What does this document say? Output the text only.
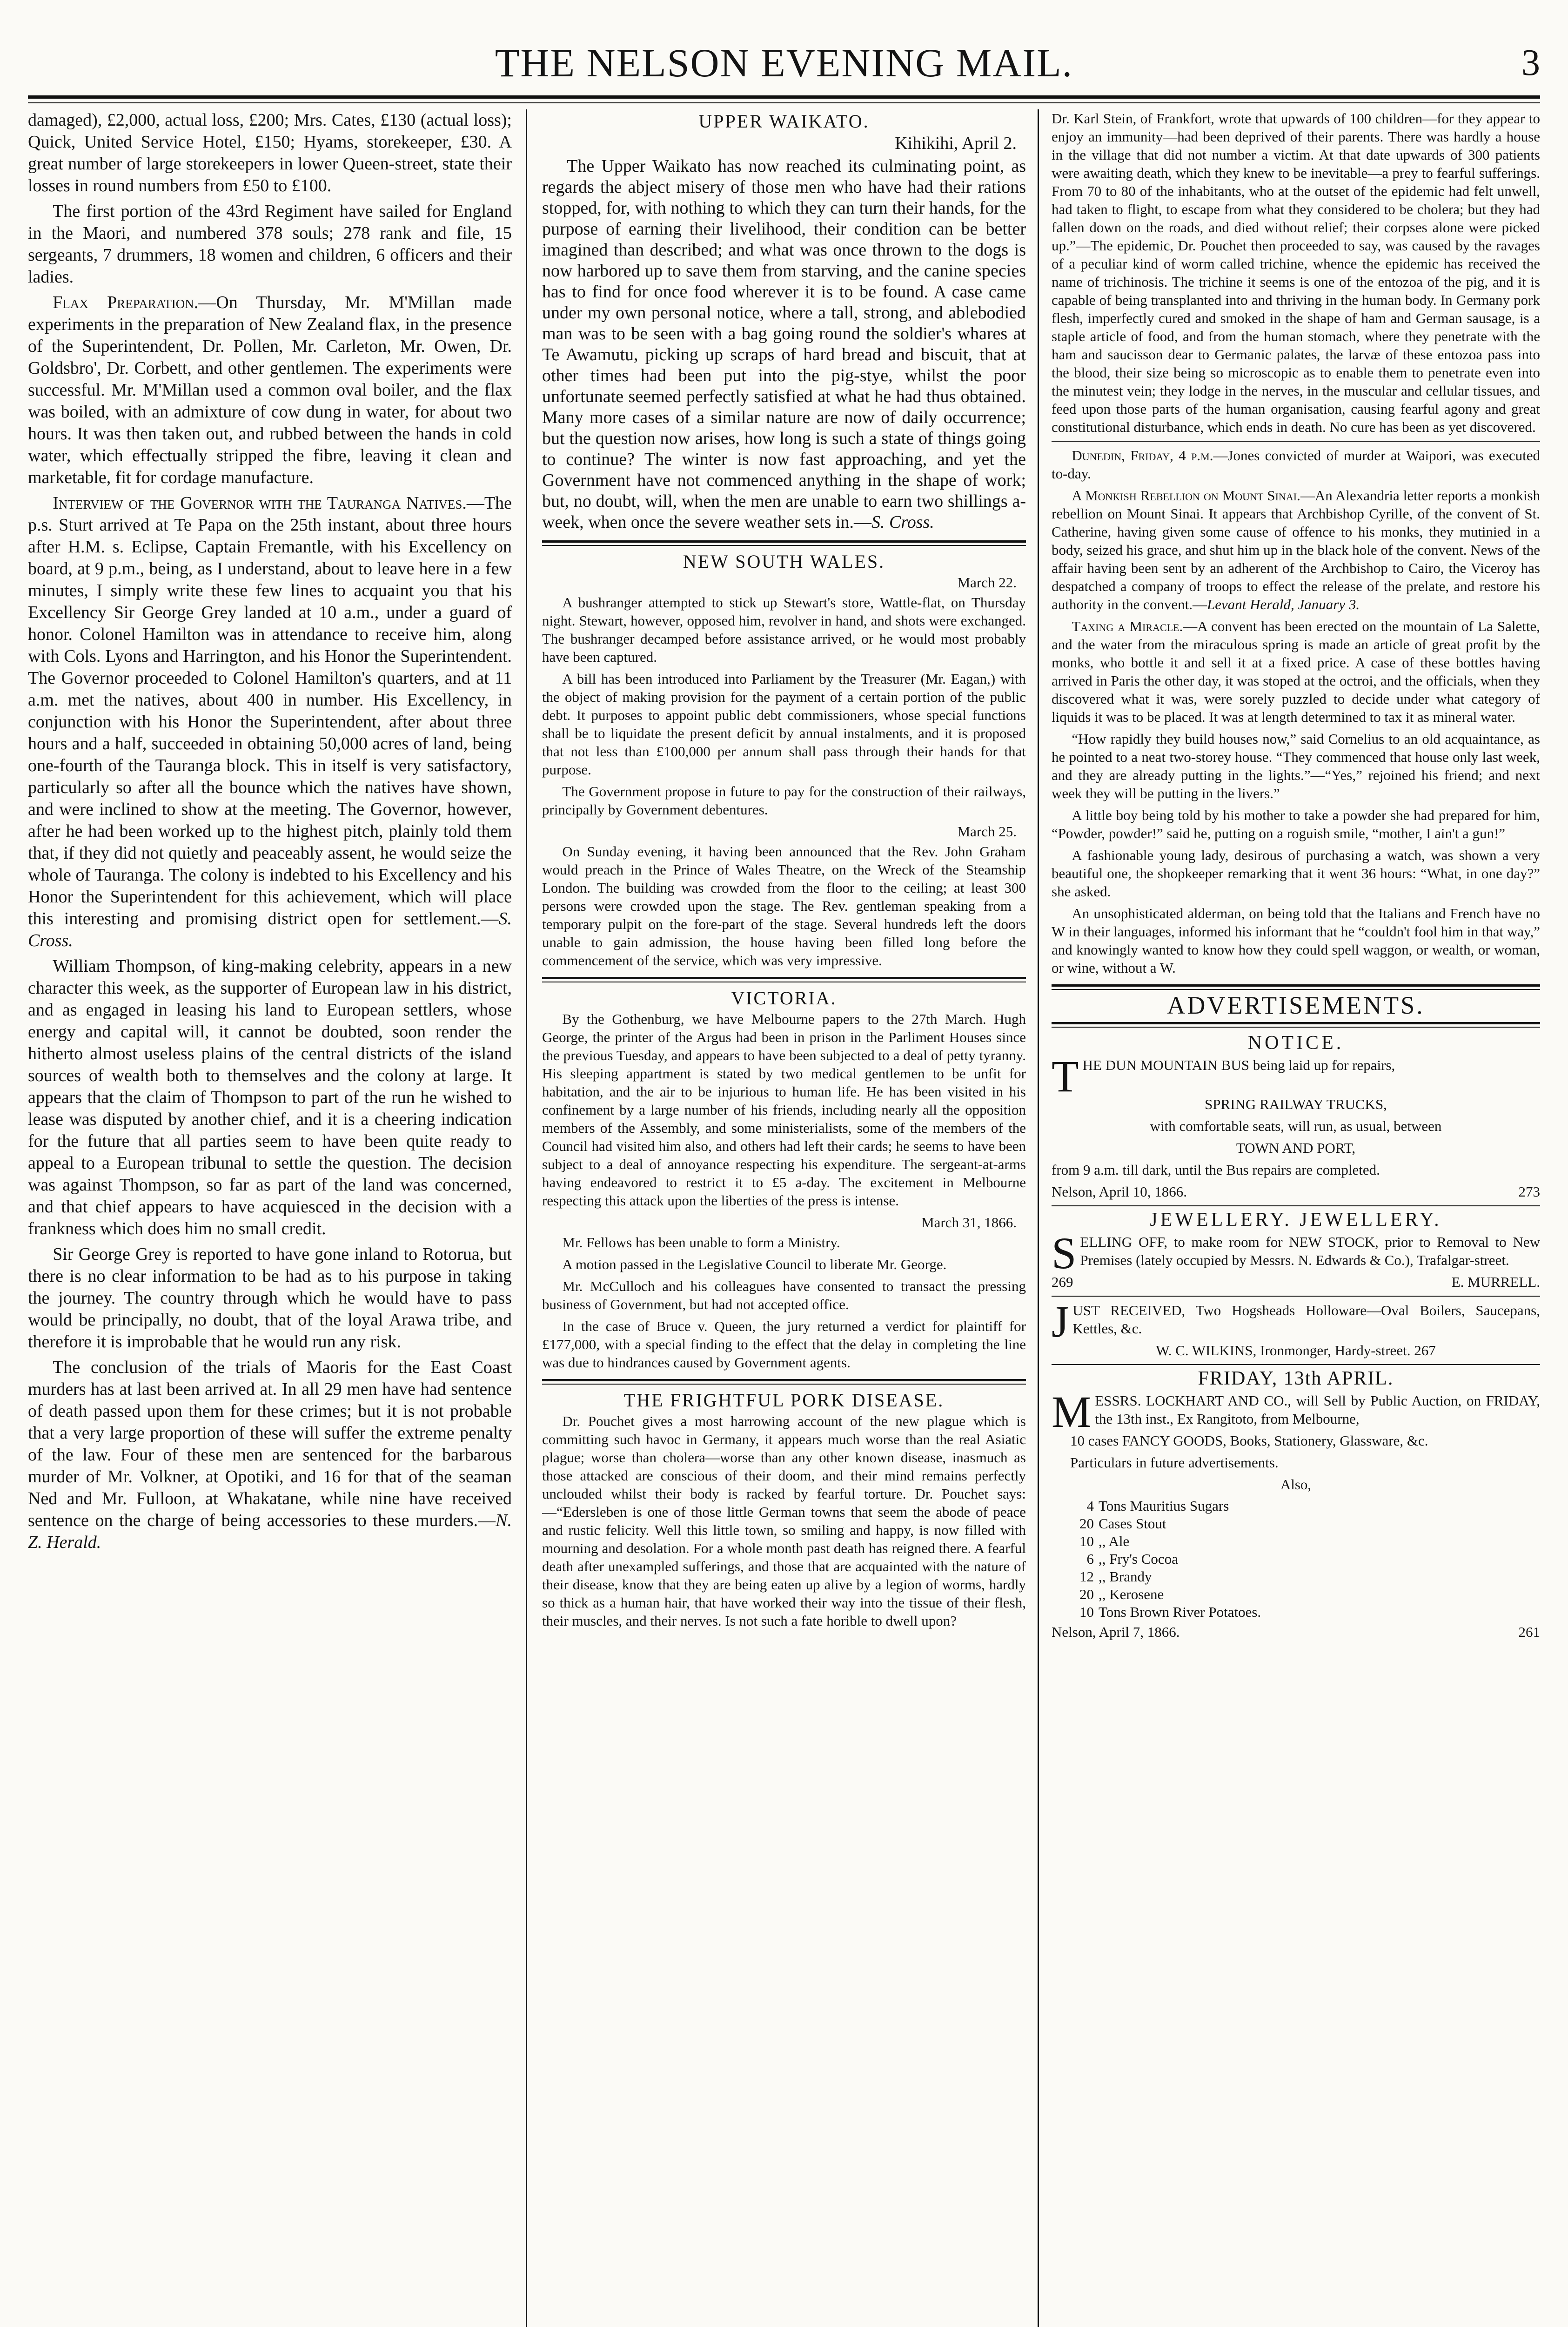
THE NELSON EVENING MAIL.	3

damaged), £2,000, actual loss, £200; Mrs. Cates, £130 (actual loss); Quick, United Service Hotel, £150; Hyams, storekeeper, £30. A great number of large storekeepers in lower Queen-street, state their losses in round numbers from £50 to £100.

The first portion of the 43rd Regiment have sailed for England in the Maori, and numbered 378 souls; 278 rank and file, 15 sergeants, 7 drummers, 18 women and children, 6 officers and their ladies.

Flax Preparation.—On Thursday, Mr. M'Millan made experiments in the preparation of New Zealand flax, in the presence of the Superintendent, Dr. Pollen, Mr. Carleton, Mr. Owen, Dr. Goldsbro', Dr. Corbett, and other gentlemen. The experiments were successful. Mr. M'Millan used a common oval boiler, and the flax was boiled, with an admixture of cow dung in water, for about two hours. It was then taken out, and rubbed between the hands in cold water, which effectually stripped the fibre, leaving it clean and marketable, fit for cordage manufacture.

Interview of the Governor with the Tauranga Natives.—The p.s. Sturt arrived at Te Papa on the 25th instant, about three hours after H.M. s. Eclipse, Captain Fremantle, with his Excellency on board, at 9 p.m., being, as I understand, about to leave here in a few minutes, I simply write these few lines to acquaint you that his Excellency Sir George Grey landed at 10 a.m., under a guard of honor. Colonel Hamilton was in attendance to receive him, along with Cols. Lyons and Harrington, and his Honor the Superintendent. The Governor proceeded to Colonel Hamilton's quarters, and at 11 a.m. met the natives, about 400 in number. His Excellency, in conjunction with his Honor the Superintendent, after about three hours and a half, succeeded in obtaining 50,000 acres of land, being one-fourth of the Tauranga block. This in itself is very satisfactory, particularly so after all the bounce which the natives have shown, and were inclined to show at the meeting. The Governor, however, after he had been worked up to the highest pitch, plainly told them that, if they did not quietly and peaceably assent, he would seize the whole of Tauranga. The colony is indebted to his Excellency and his Honor the Superintendent for this achievement, which will place this interesting and promising district open for settlement.—S. Cross.

William Thompson, of king-making celebrity, appears in a new character this week, as the supporter of European law in his district, and as engaged in leasing his land to European settlers, whose energy and capital will, it cannot be doubted, soon render the hitherto almost useless plains of the central districts of the island sources of wealth both to themselves and the colony at large. It appears that the claim of Thompson to part of the run he wished to lease was disputed by another chief, and it is a cheering indication for the future that all parties seem to have been quite ready to appeal to a European tribunal to settle the question. The decision was against Thompson, so far as part of the land was concerned, and that chief appears to have acquiesced in the decision with a frankness which does him no small credit.

Sir George Grey is reported to have gone inland to Rotorua, but there is no clear information to be had as to his purpose in taking the journey. The country through which he would have to pass would be principally, no doubt, that of the loyal Arawa tribe, and therefore it is improbable that he would run any risk.

The conclusion of the trials of Maoris for the East Coast murders has at last been arrived at. In all 29 men have had sentence of death passed upon them for these crimes; but it is not probable that a very large proportion of these will suffer the extreme penalty of the law. Four of these men are sentenced for the barbarous murder of Mr. Volkner, at Opotiki, and 16 for that of the seaman Ned and Mr. Fulloon, at Whakatane, while nine have received sentence on the charge of being accessories to these murders.—N. Z. Herald.

UPPER WAIKATO.
Kihikihi, April 2.

The Upper Waikato has now reached its culminating point, as regards the abject misery of those men who have had their rations stopped, for, with nothing to which they can turn their hands, for the purpose of earning their livelihood, their condition can be better imagined than described; and what was once thrown to the dogs is now harbored up to save them from starving, and the canine species has to find for once food wherever it is to be found. A case came under my own personal notice, where a tall, strong, and ablebodied man was to be seen with a bag going round the soldier's whares at Te Awamutu, picking up scraps of hard bread and biscuit, that at other times had been put into the pig-stye, whilst the poor unfortunate seemed perfectly satisfied at what he had thus obtained. Many more cases of a similar nature are now of daily occurrence; but the question now arises, how long is such a state of things going to continue? The winter is now fast approaching, and yet the Government have not commenced anything in the shape of work; but, no doubt, will, when the men are unable to earn two shillings a-week, when once the severe weather sets in.—S. Cross.

NEW SOUTH WALES.
March 22.

A bushranger attempted to stick up Stewart's store, Wattle-flat, on Thursday night. Stewart, however, opposed him, revolver in hand, and shots were exchanged. The bushranger decamped before assistance arrived, or he would most probably have been captured.

A bill has been introduced into Parliament by the Treasurer (Mr. Eagan,) with the object of making provision for the payment of a certain portion of the public debt. It purposes to appoint public debt commissioners, whose special functions shall be to liquidate the present deficit by annual instalments, and it is proposed that not less than £100,000 per annum shall pass through their hands for that purpose.

The Government propose in future to pay for the construction of their railways, principally by Government debentures.

March 25.

On Sunday evening, it having been announced that the Rev. John Graham would preach in the Prince of Wales Theatre, on the Wreck of the Steamship London. The building was crowded from the floor to the ceiling; at least 300 persons were crowded upon the stage. The Rev. gentleman speaking from a temporary pulpit on the fore-part of the stage. Several hundreds left the doors unable to gain admission, the house having been filled long before the commencement of the service, which was very impressive.

VICTORIA.

By the Gothenburg, we have Melbourne papers to the 27th March. Hugh George, the printer of the Argus had been in prison in the Parliment Houses since the previous Tuesday, and appears to have been subjected to a deal of petty tyranny. His sleeping appartment is stated by two medical gentlemen to be unfit for habitation, and the air to be injurious to human life. He has been visited in his confinement by a large number of his friends, including nearly all the opposition members of the Assembly, and some ministerialists, some of the members of the Council had visited him also, and others had left their cards; he seems to have been subject to a deal of annoyance respecting his expenditure. The sergeant-at-arms having endeavored to restrict it to £5 a-day. The excitement in Melbourne respecting this attack upon the liberties of the press is intense.

March 31, 1866.

Mr. Fellows has been unable to form a Ministry.

A motion passed in the Legislative Council to liberate Mr. George.

Mr. McCulloch and his colleagues have consented to transact the pressing business of Government, but had not accepted office.

In the case of Bruce v. Queen, the jury returned a verdict for plaintiff for £177,000, with a special finding to the effect that the delay in completing the line was due to hindrances caused by Government agents.

THE FRIGHTFUL PORK DISEASE.

Dr. Pouchet gives a most harrowing account of the new plague which is committing such havoc in Germany, it appears much worse than the real Asiatic plague; worse than cholera—worse than any other known disease, inasmuch as those attacked are conscious of their doom, and their mind remains perfectly unclouded whilst their body is racked by fearful torture. Dr. Pouchet says:—“Edersleben is one of those little German towns that seem the abode of peace and rustic felicity. Well this little town, so smiling and happy, is now filled with mourning and desolation. For a whole month past death has reigned there. A fearful death after unexampled sufferings, and those that are acquainted with the nature of their disease, know that they are being eaten up alive by a legion of worms, hardly so thick as a human hair, that have worked their way into the tissue of their flesh, their muscles, and their nerves. Is not such a fate horible to dwell upon?

Dr. Karl Stein, of Frankfort, wrote that upwards of 100 children—for they appear to enjoy an immunity—had been deprived of their parents. There was hardly a house in the village that did not number a victim. At that date upwards of 300 patients were awaiting death, which they knew to be inevitable—a prey to fearful sufferings. From 70 to 80 of the inhabitants, who at the outset of the epidemic had felt unwell, had taken to flight, to escape from what they considered to be cholera; but they had fallen down on the roads, and died without relief; their corpses alone were picked up.”—The epidemic, Dr. Pouchet then proceeded to say, was caused by the ravages of a peculiar kind of worm called trichine, whence the epidemic has received the name of trichinosis. The trichine it seems is one of the entozoa of the pig, and it is capable of being transplanted into and thriving in the human body. In Germany pork flesh, imperfectly cured and smoked in the shape of ham and German sausage, is a staple article of food, and from the human stomach, where they penetrate with the ham and saucisson dear to Germanic palates, the larvæ of these entozoa pass into the blood, their size being so microscopic as to enable them to penetrate even into the minutest vein; they lodge in the nerves, in the muscular and cellular tissues, and feed upon those parts of the human organisation, causing fearful agony and great constitutional disturbance, which ends in death. No cure has been as yet discovered.

Dunedin, Friday, 4 p.m.—Jones convicted of murder at Waipori, was executed to-day.

A Monkish Rebellion on Mount Sinai.—An Alexandria letter reports a monkish rebellion on Mount Sinai. It appears that Archbishop Cyrille, of the convent of St. Catherine, having given some cause of offence to his monks, they mutinied in a body, seized his grace, and shut him up in the black hole of the convent. News of the affair having been sent by an adherent of the Archbishop to Cairo, the Viceroy has despatched a company of troops to effect the release of the prelate, and restore his authority in the convent.—Levant Herald, January 3.

Taxing a Miracle.—A convent has been erected on the mountain of La Salette, and the water from the miraculous spring is made an article of great profit by the monks, who bottle it and sell it at a fixed price. A case of these bottles having arrived in Paris the other day, it was stoped at the octroi, and the officials, when they discovered what it was, were sorely puzzled to decide under what category of liquids it was to be placed. It was at length determined to tax it as mineral water.

“How rapidly they build houses now,” said Cornelius to an old acquaintance, as he pointed to a neat two-storey house. “They commenced that house only last week, and they are already putting in the lights.”—“Yes,” rejoined his friend; and next week they will be putting in the livers.”

A little boy being told by his mother to take a powder she had prepared for him, “Powder, powder!” said he, putting on a roguish smile, “mother, I ain't a gun!”

A fashionable young lady, desirous of purchasing a watch, was shown a very beautiful one, the shopkeeper remarking that it went 36 hours: “What, in one day?” she asked.

An unsophisticated alderman, on being told that the Italians and French have no W in their languages, informed his informant that he “couldn't fool him in that way,” and knowingly wanted to know how they could spell waggon, or wealth, or woman, or wine, without a W.

ADVERTISEMENTS.
NOTICE.

THE DUN MOUNTAIN BUS being laid up for repairs,

SPRING RAILWAY TRUCKS,

with comfortable seats, will run, as usual, between

TOWN AND PORT,

from 9 a.m. till dark, until the Bus repairs are completed.

Nelson, April 10, 1866.	273
JEWELLERY. JEWELLERY.

SELLING OFF, to make room for NEW STOCK, prior to Removal to New Premises (lately occupied by Messrs. N. Edwards & Co.), Trafalgar-street.

269	E. MURRELL.

JUST RECEIVED, Two Hogsheads Holloware—Oval Boilers, Saucepans, Kettles, &c.

W. C. WILKINS, Ironmonger, Hardy-street. 267

FRIDAY, 13th APRIL.

MESSRS. LOCKHART AND CO., will Sell by Public Auction, on FRIDAY, the 13th inst., Ex Rangitoto, from Melbourne,

10 cases FANCY GOODS, Books, Stationery, Glassware, &c.

Particulars in future advertisements.

Also,

4	Tons Mauritius Sugars
20	Cases Stout
10	,, Ale
6	,, Fry's Cocoa
12	,, Brandy
20	,, Kerosene
10	Tons Brown River Potatoes.
Nelson, April 7, 1866.	261
